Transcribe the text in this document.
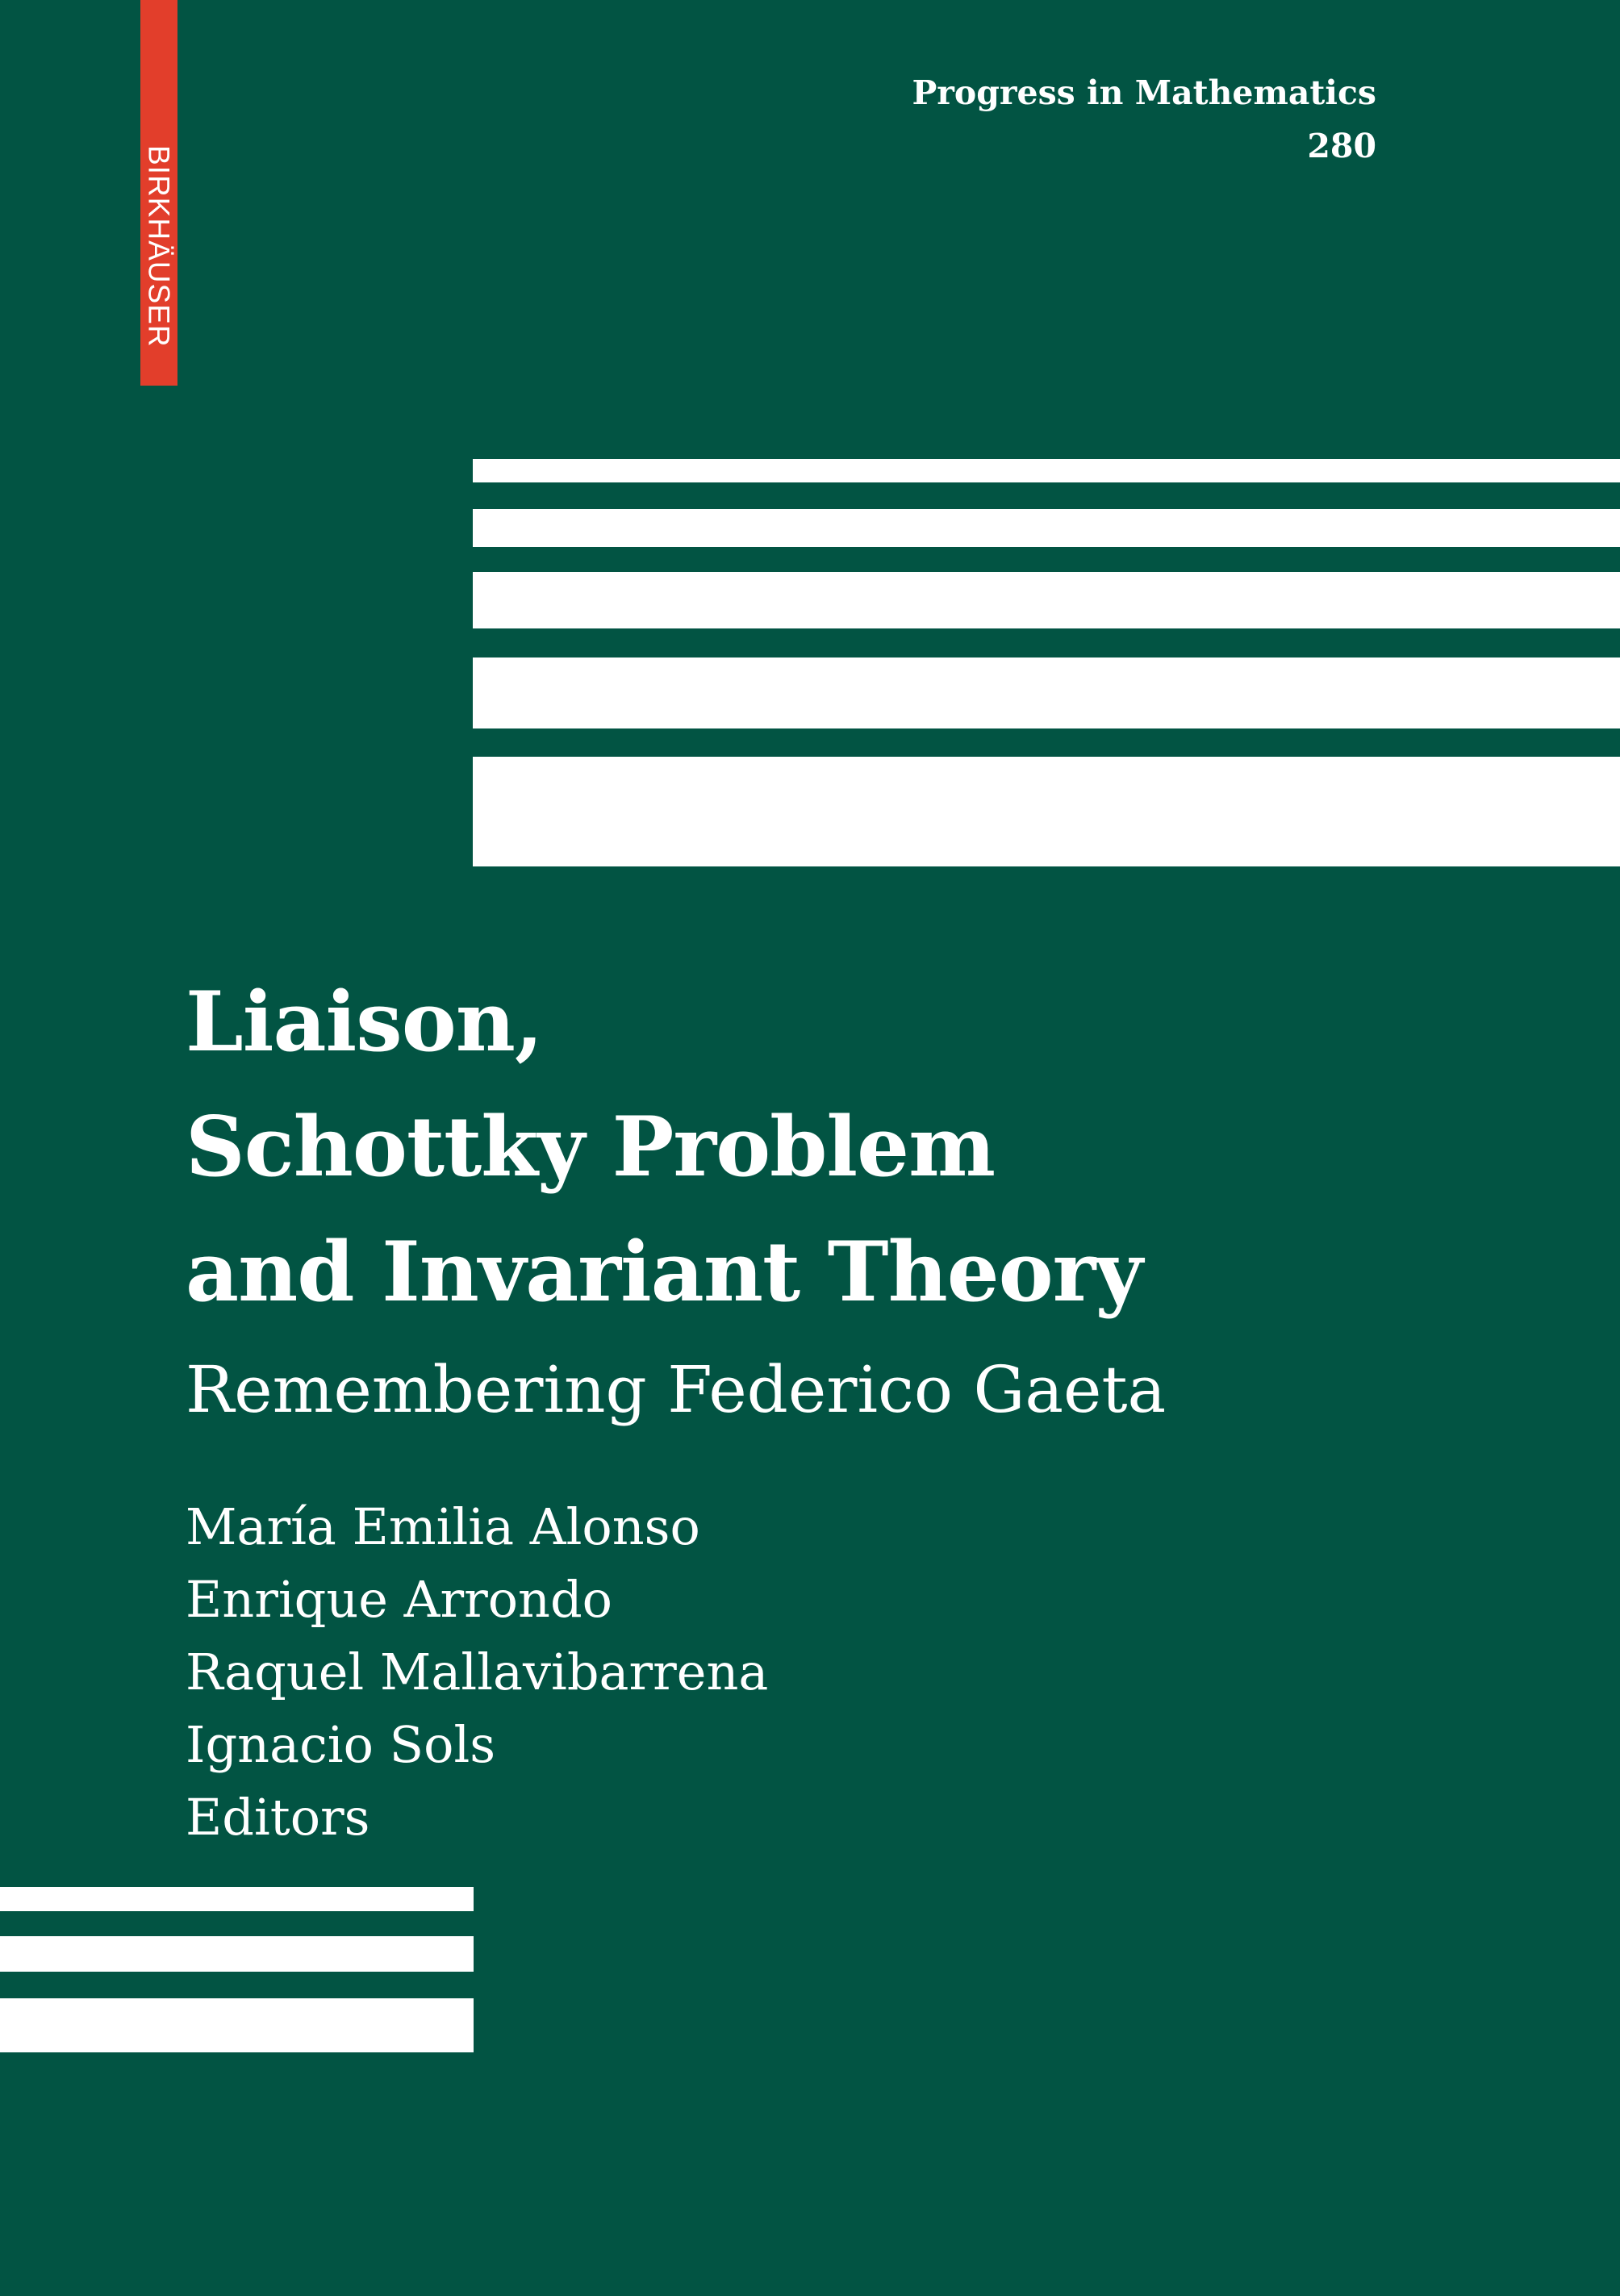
BIRKHÄUSER
Progress in Mathematics
280
Liaison,
Schottky Problem
and Invariant Theory
Remembering Federico Gaeta
María Emilia Alonso
Enrique Arrondo
Raquel Mallavibarrena
Ignacio Sols
Editors
